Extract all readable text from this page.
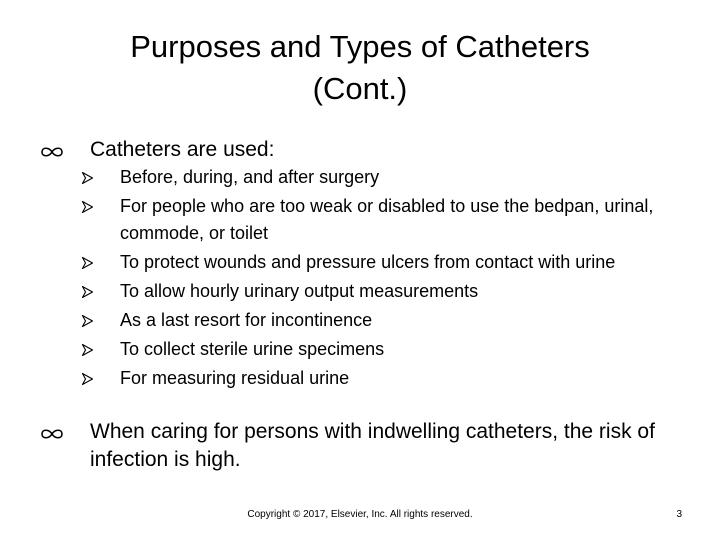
Purposes and Types of Catheters
(Cont.)
Catheters are used:
Before, during, and after surgery
For people who are too weak or disabled to use the bedpan, urinal, commode, or toilet
To protect wounds and pressure ulcers from contact with urine
To allow hourly urinary output measurements
As a last resort for incontinence
To collect sterile urine specimens
For measuring residual urine
When caring for persons with indwelling catheters, the risk of infection is high.
Copyright © 2017, Elsevier, Inc. All rights reserved.	3
